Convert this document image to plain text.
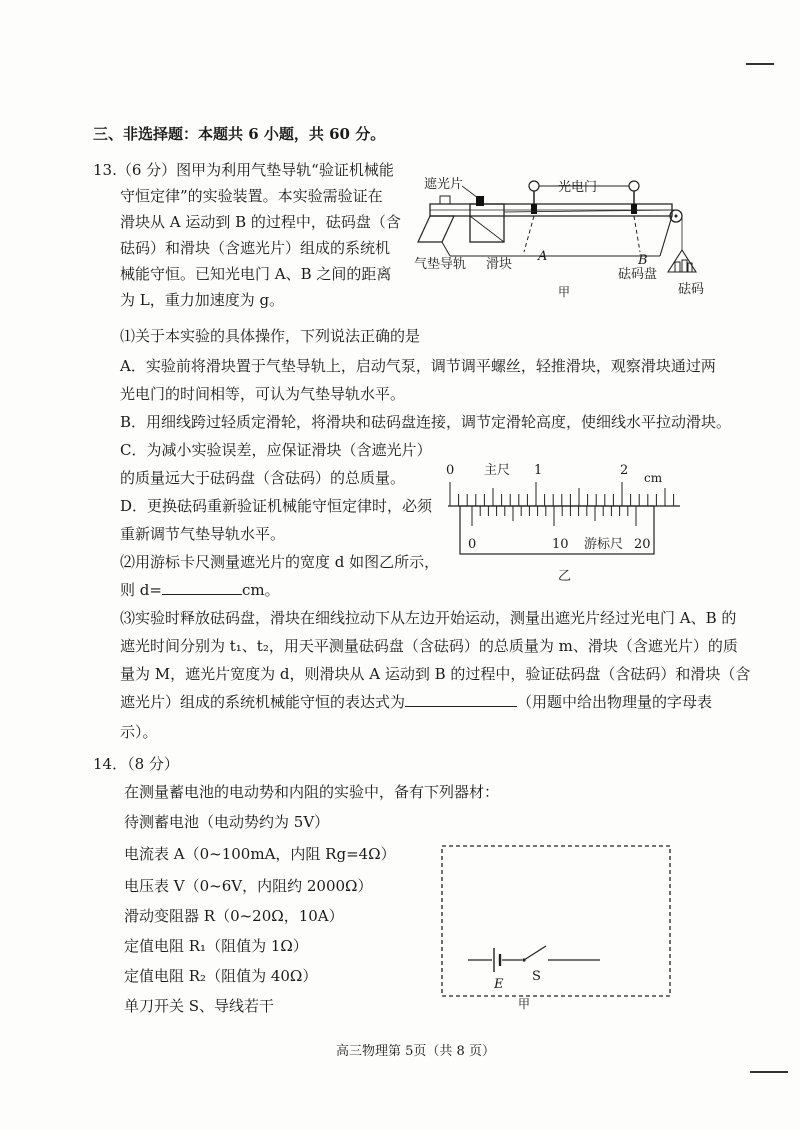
三、非选择题：本题共 6 小题，共 60 分。
13.（6 分）图甲为利用气垫导轨“验证机械能
守恒定律”的实验装置。本实验需验证在
滑块从 A 运动到 B 的过程中，砝码盘（含
砝码）和滑块（含遮光片）组成的系统机
械能守恒。已知光电门 A、B 之间的距离
为 L，重力加速度为 g。
遮光片	光电门
气垫导轨 滑块
A	B
砝码盘
砝码
甲
⑴关于本实验的具体操作，下列说法正确的是
A．实验前将滑块置于气垫导轨上，启动气泵，调节调平螺丝，轻推滑块，观察滑块通过两
光电门的时间相等，可认为气垫导轨水平。
B．用细线跨过轻质定滑轮，将滑块和砝码盘连接，调节定滑轮高度，使细线水平拉动滑块。
C．为减小实验误差，应保证滑块（含遮光片）
的质量远大于砝码盘（含砝码）的总质量。
D．更换砝码重新验证机械能守恒定律时，必须
重新调节气垫导轨水平。
0 主尺 1	2 cm
0	10 游标尺 20
乙
⑵用游标卡尺测量遮光片的宽度 d 如图乙所示，
则 d=	cm。
⑶实验时释放砝码盘，滑块在细线拉动下从左边开始运动，测量出遮光片经过光电门 A、B 的
遮光时间分别为 t₁、t₂，用天平测量砝码盘（含砝码）的总质量为 m、滑块（含遮光片）的质
量为 M，遮光片宽度为 d，则滑块从 A 运动到 B 的过程中，验证砝码盘（含砝码）和滑块（含
遮光片）组成的系统机械能守恒的表达式为	（用题中给出物理量的字母表
示）。
14．（8 分）
在测量蓄电池的电动势和内阻的实验中，备有下列器材：
待测蓄电池（电动势约为 5V）
电流表 A（0~100mA，内阻 Rg=4Ω）
电压表 V（0~6V，内阻约 2000Ω）
滑动变阻器 R（0~20Ω，10A）
定值电阻 R₁（阻值为 1Ω）
定值电阻 R₂（阻值为 40Ω）
单刀开关 S、导线若干
E
S
甲
高三物理第 5页（共 8 页）
